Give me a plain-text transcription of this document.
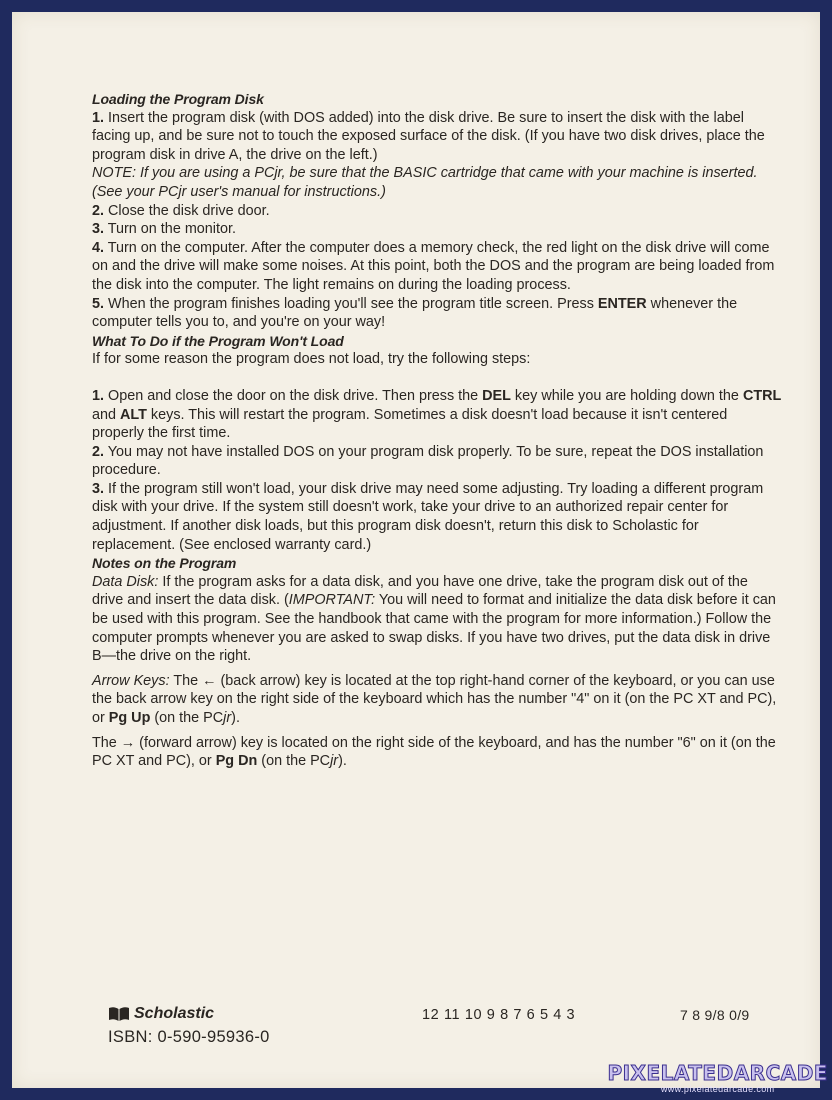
Loading the Program Disk

1. Insert the program disk (with DOS added) into the disk drive. Be sure to insert the disk with the label facing up, and be sure not to touch the exposed surface of the disk. (If you have two disk drives, place the program disk in drive A, the drive on the left.)

NOTE: If you are using a PCjr, be sure that the BASIC cartridge that came with your machine is inserted. (See your PCjr user's manual for instructions.)

2. Close the disk drive door.

3. Turn on the monitor.

4. Turn on the computer. After the computer does a memory check, the red light on the disk drive will come on and the drive will make some noises. At this point, both the DOS and the program are being loaded from the disk into the computer. The light remains on during the loading process.

5. When the program finishes loading you'll see the program title screen. Press ENTER whenever the computer tells you to, and you're on your way!

What To Do if the Program Won't Load

If for some reason the program does not load, try the following steps:

1. Open and close the door on the disk drive. Then press the DEL key while you are holding down the CTRL and ALT keys. This will restart the program. Sometimes a disk doesn't load because it isn't centered properly the first time.

2. You may not have installed DOS on your program disk properly. To be sure, repeat the DOS installation procedure.

3. If the program still won't load, your disk drive may need some adjusting. Try loading a different program disk with your drive. If the system still doesn't work, take your drive to an authorized repair center for adjustment. If another disk loads, but this program disk doesn't, return this disk to Scholastic for replacement. (See enclosed warranty card.)

Notes on the Program

Data Disk: If the program asks for a data disk, and you have one drive, take the program disk out of the drive and insert the data disk. (IMPORTANT: You will need to format and initialize the data disk before it can be used with this program. See the handbook that came with the program for more information.) Follow the computer prompts whenever you are asked to swap disks. If you have two drives, put the data disk in drive B—the drive on the right.

Arrow Keys: The ← (back arrow) key is located at the top right-hand corner of the keyboard, or you can use the back arrow key on the right side of the keyboard which has the number "4" on it (on the PC XT and PC), or Pg Up (on the PCjr).

The → (forward arrow) key is located on the right side of the keyboard, and has the number "6" on it (on the PC XT and PC), or Pg Dn (on the PCjr).

Scholastic
ISBN: 0-590-95936-0
12 11 10 9 8 7 6 5 4 3	7 8 9/8 0/9
PIXELATEDARCADE
www.pixelatedarcade.com
